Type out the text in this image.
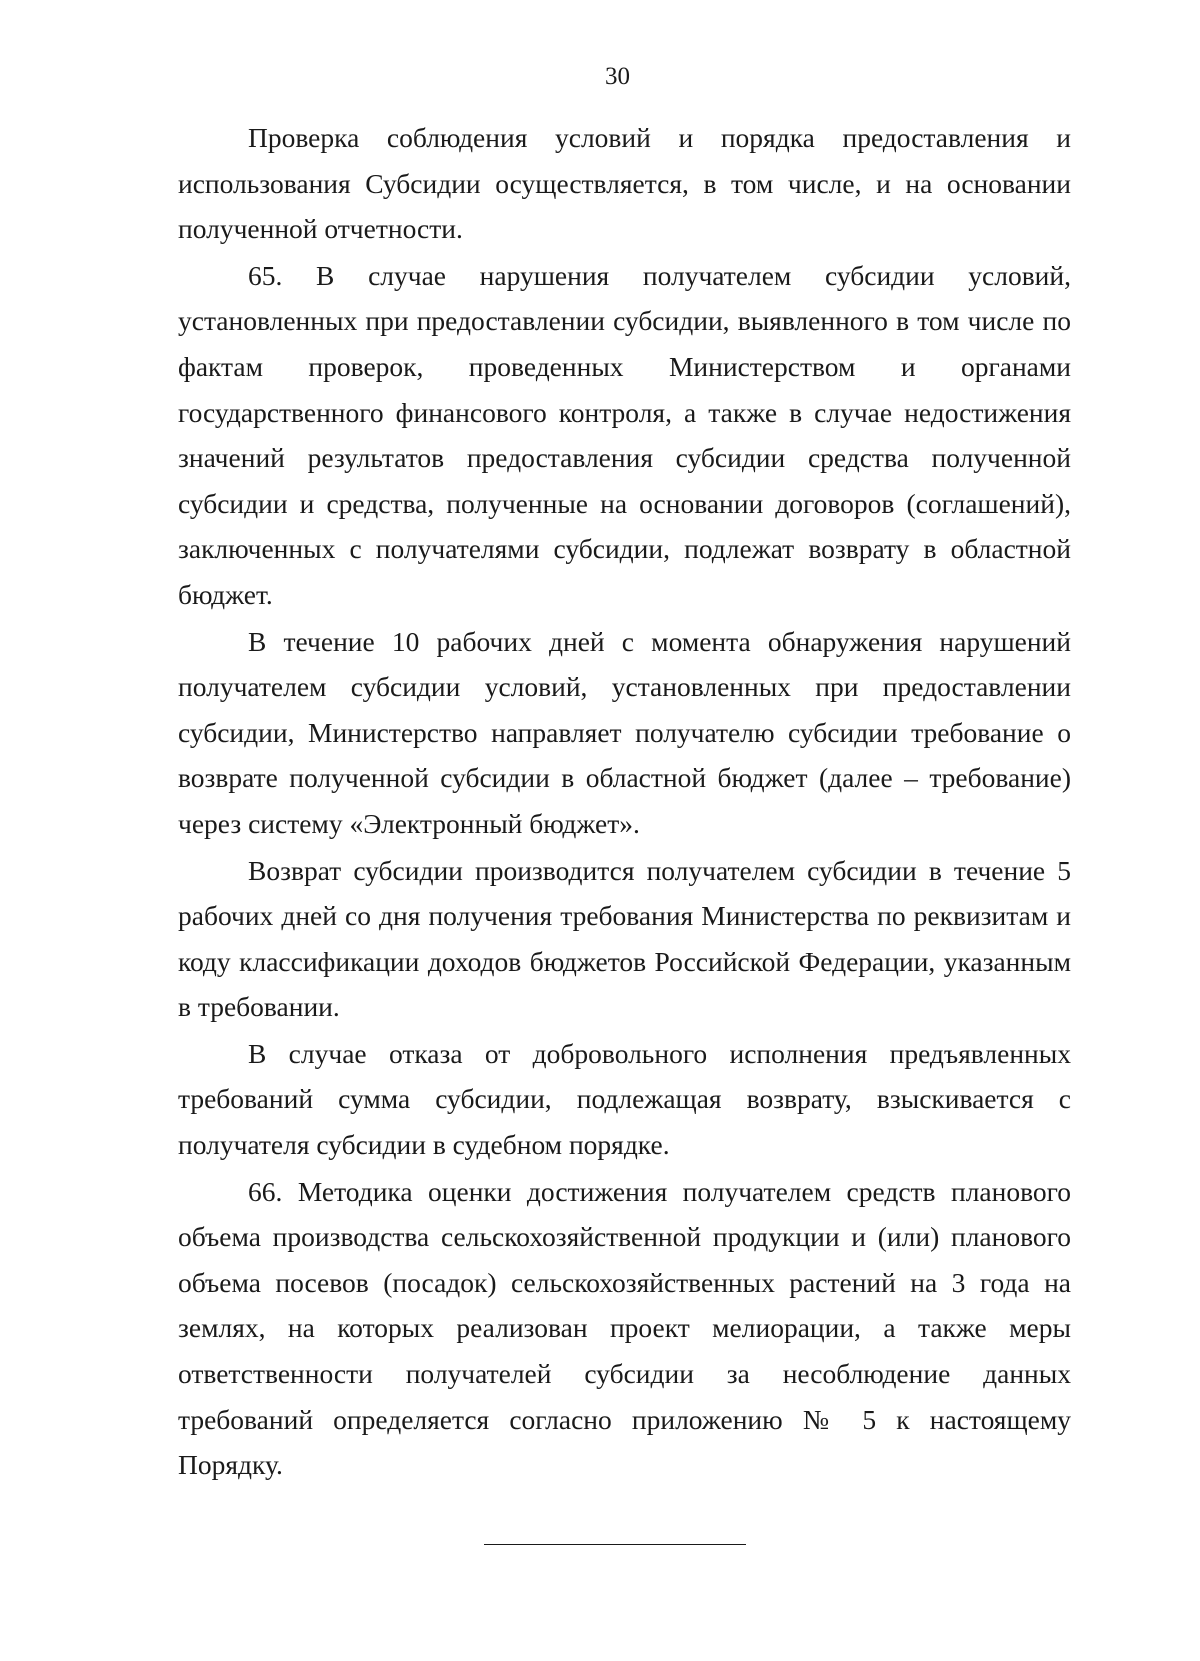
30

Проверка соблюдения условий и порядка предоставления и использования Субсидии осуществляется, в том числе, и на основании полученной отчетности.

65. В случае нарушения получателем субсидии условий, установленных при предоставлении субсидии, выявленного в том числе по фактам проверок, проведенных Министерством и органами государственного финансового контроля, а также в случае недостижения значений результатов предоставления субсидии средства полученной субсидии и средства, полученные на основании договоров (соглашений), заключенных с получателями субсидии, подлежат возврату в областной бюджет.

В течение 10 рабочих дней с момента обнаружения нарушений получателем субсидии условий, установленных при предоставлении субсидии, Министерство направляет получателю субсидии требование о возврате полученной субсидии в областной бюджет (далее – требование) через систему «Электронный бюджет».

Возврат субсидии производится получателем субсидии в течение 5 рабочих дней со дня получения требования Министерства по реквизитам и коду классификации доходов бюджетов Российской Федерации, указанным в требовании.

В случае отказа от добровольного исполнения предъявленных требований сумма субсидии, подлежащая возврату, взыскивается с получателя субсидии в судебном порядке.

66. Методика оценки достижения получателем средств планового объема производства сельскохозяйственной продукции и (или) планового объема посевов (посадок) сельскохозяйственных растений на 3 года на землях, на которых реализован проект мелиорации, а также меры ответственности получателей субсидии за несоблюдение данных требований определяется согласно приложению № 5 к настоящему Порядку.
